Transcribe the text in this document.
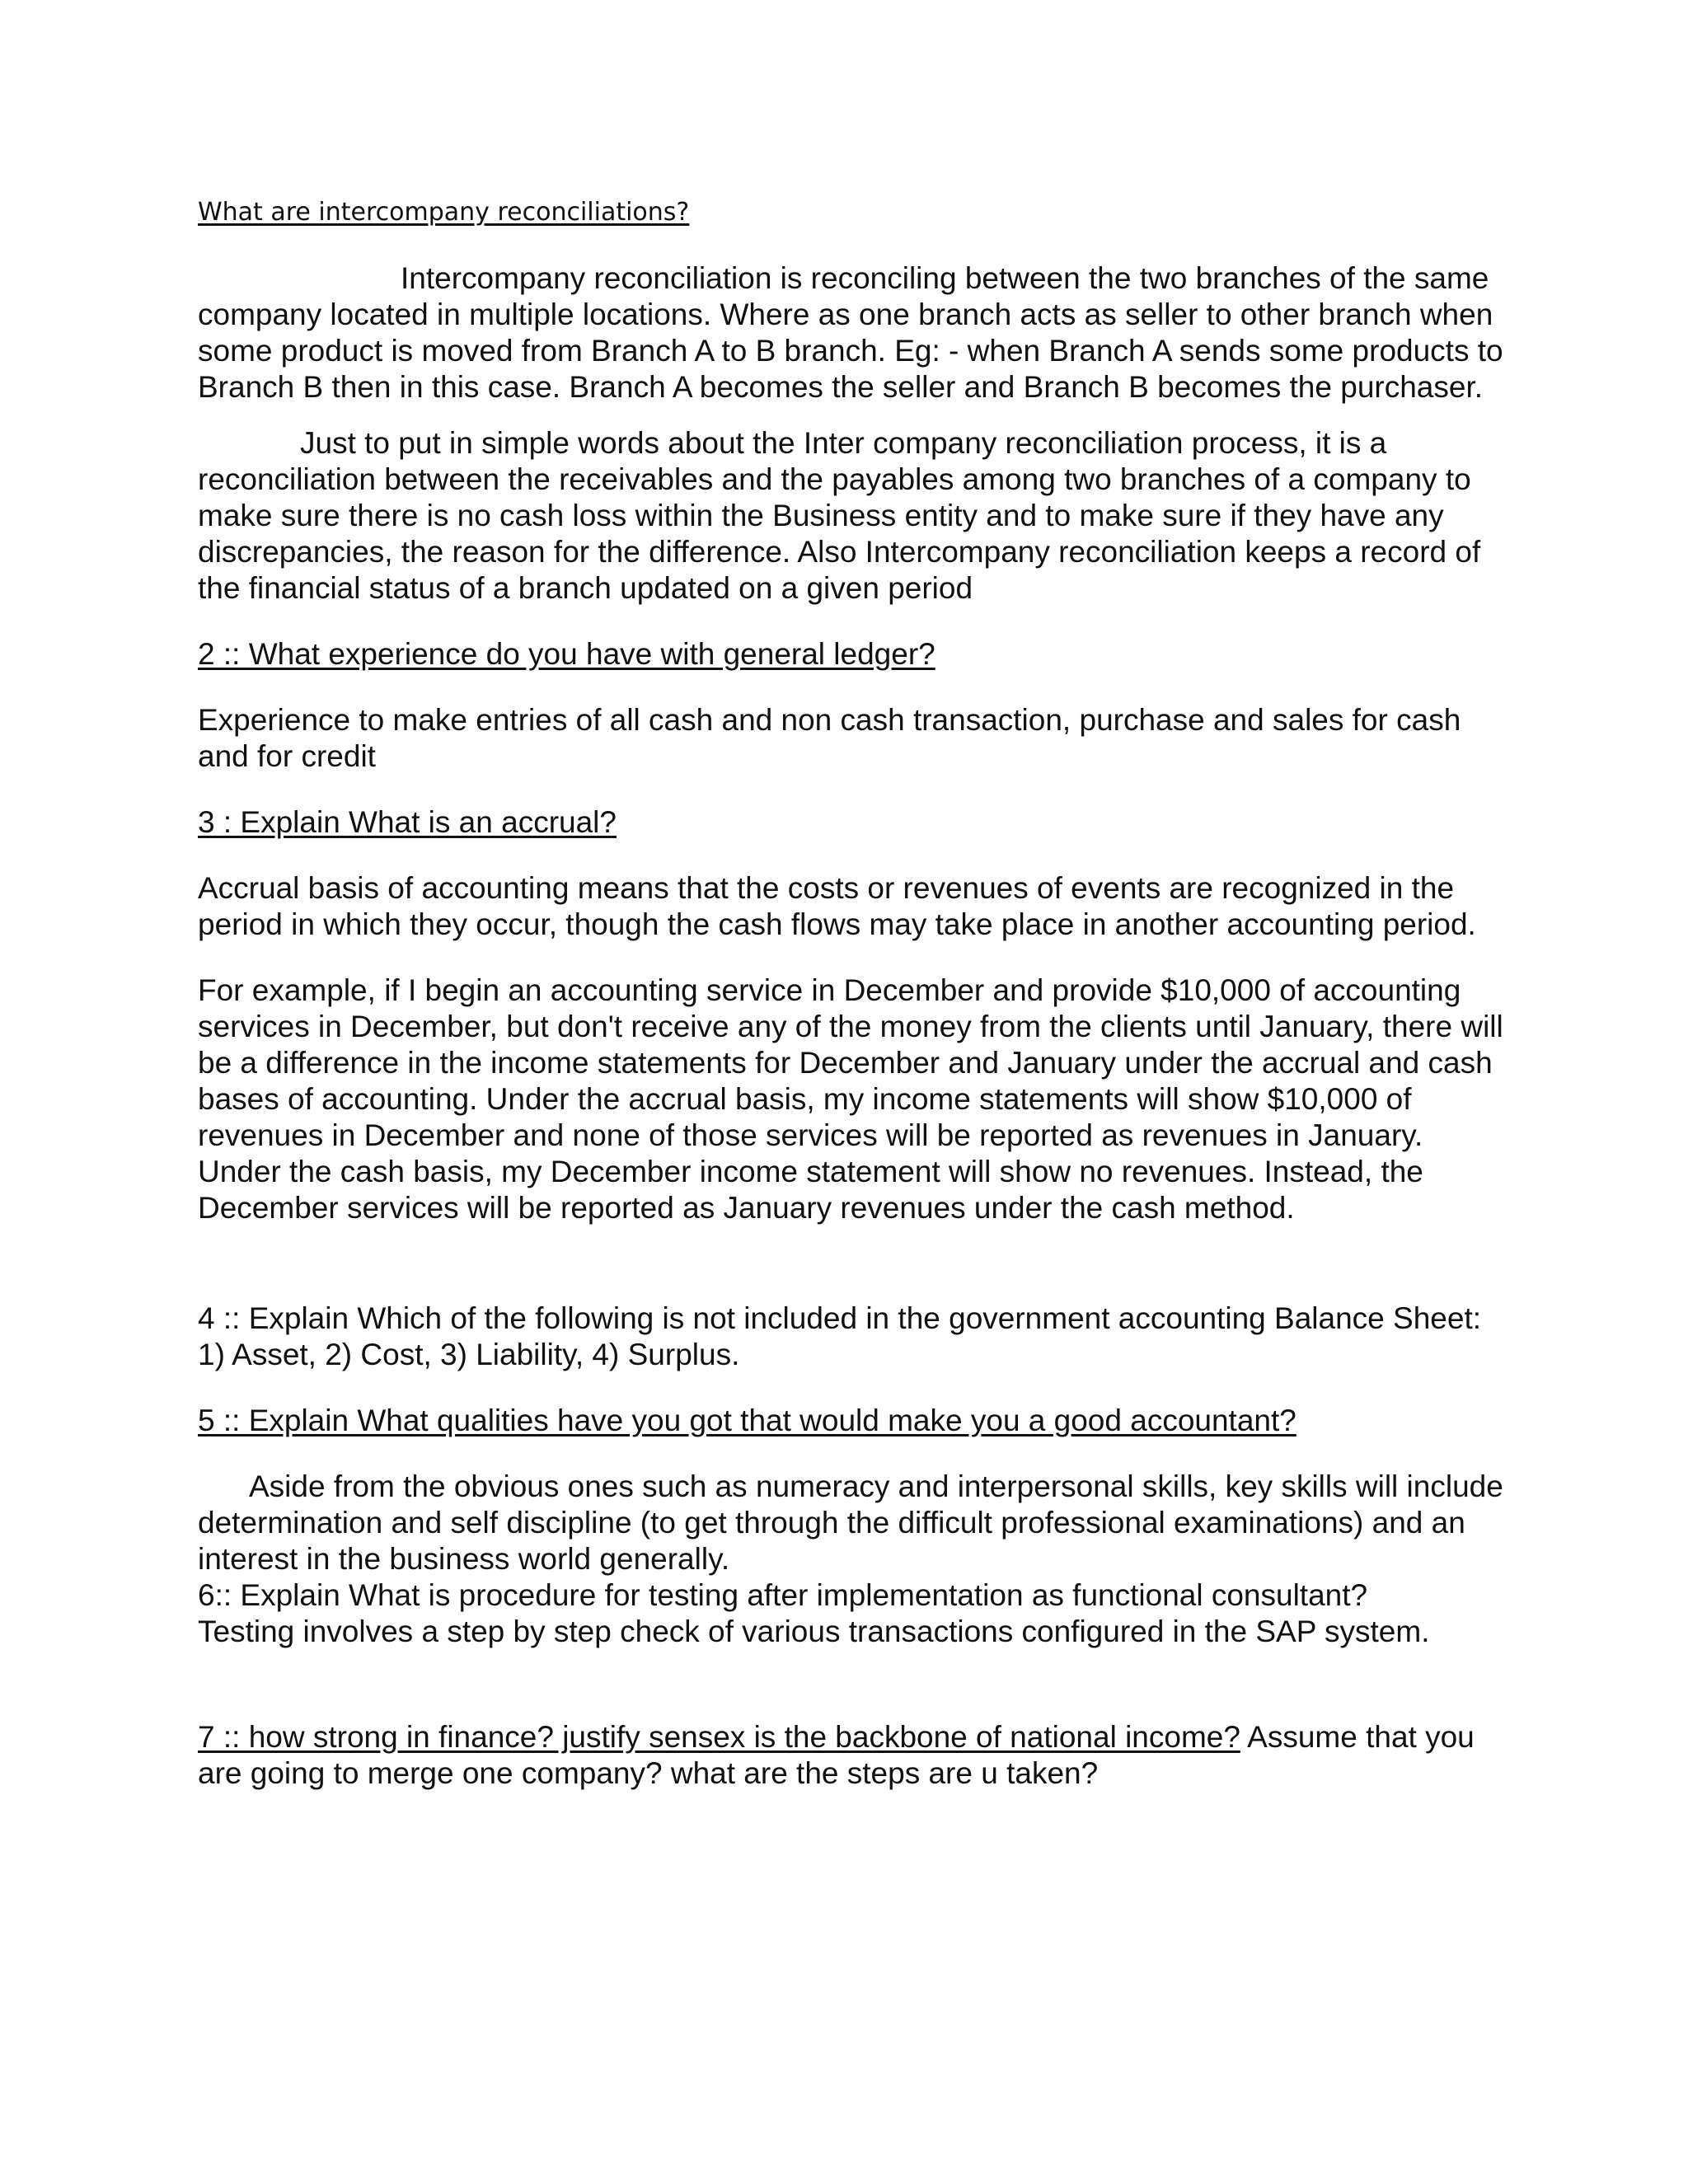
What are intercompany reconciliations?

Intercompany reconciliation is reconciling between the two branches of the same company located in multiple locations. Where as one branch acts as seller to other branch when some product is moved from Branch A to B branch. Eg: - when Branch A sends some products to Branch B then in this case. Branch A becomes the seller and Branch B becomes the purchaser.

Just to put in simple words about the Inter company reconciliation process, it is a reconciliation between the receivables and the payables among two branches of a company to make sure there is no cash loss within the Business entity and to make sure if they have any discrepancies, the reason for the difference. Also Intercompany reconciliation keeps a record of the financial status of a branch updated on a given period

2 :: What experience do you have with general ledger?

Experience to make entries of all cash and non cash transaction, purchase and sales for cash and for credit

3 : Explain What is an accrual?

Accrual basis of accounting means that the costs or revenues of events are recognized in the period in which they occur, though the cash flows may take place in another accounting period.

For example, if I begin an accounting service in December and provide $10,000 of accounting services in December, but don't receive any of the money from the clients until January, there will be a difference in the income statements for December and January under the accrual and cash bases of accounting. Under the accrual basis, my income statements will show $10,000 of revenues in December and none of those services will be reported as revenues in January. Under the cash basis, my December income statement will show no revenues. Instead, the December services will be reported as January revenues under the cash method.

4 :: Explain Which of the following is not included in the government accounting Balance Sheet: 1) Asset, 2) Cost, 3) Liability, 4) Surplus.

5 :: Explain What qualities have you got that would make you a good accountant?

Aside from the obvious ones such as numeracy and interpersonal skills, key skills will include determination and self discipline (to get through the difficult professional examinations) and an interest in the business world generally.

6:: Explain What is procedure for testing after implementation as functional consultant?

Testing involves a step by step check of various transactions configured in the SAP system.

7 :: how strong in finance? justify sensex is the backbone of national income? Assume that you are going to merge one company? what are the steps are u taken?
